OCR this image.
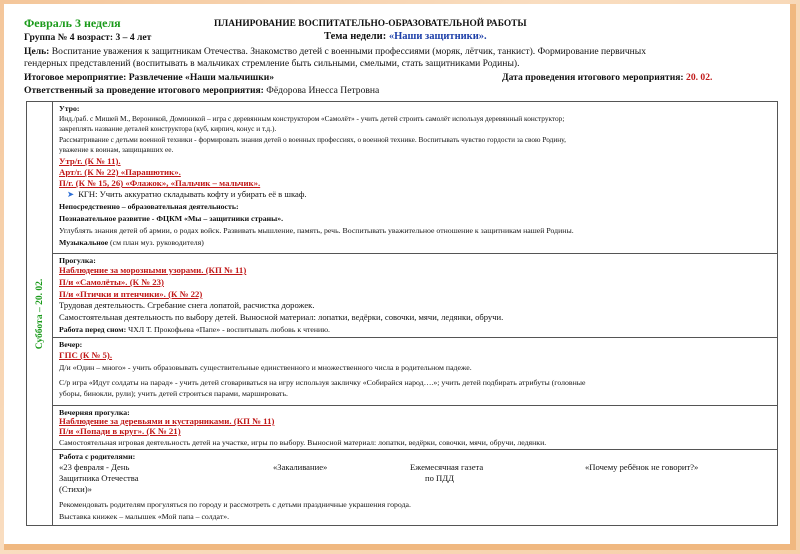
Февраль 3 неделя	ПЛАНИРОВАНИЕ ВОСПИТАТЕЛЬНО-ОБРАЗОВАТЕЛЬНОЙ РАБОТЫ
Группа № 4 возраст: 3 – 4 лет	Тема недели: «Наши защитники».
Цель: Воспитание уважения к защитникам Отечества. Знакомство детей с военными профессиями (моряк, лётчик, танкист). Формирование первичных
гендерных представлений (воспитывать в мальчиках стремление быть сильными, смелыми, стать защитниками Родины).
Итоговое мероприятие: Развлечение «Наши мальчишки»	Дата проведения итогового мероприятия: 20. 02.
Ответственный за проведение итогового мероприятия: Фёдорова Инесса Петровна
Суббота – 20. 02.
Утро:
Инд./раб. с Мишей М., Вероникой, Доминикой – игра с деревянным конструктором «Самолёт» - учить детей строить самолёт используя деревянный конструктор;
закреплять название деталей конструктора (куб, кирпич, конус и т.д.).
Рассматривание с детьми военной техники - формировать знания детей о военных профессиях, о военной технике. Воспитывать чувство гордости за свою Родину,
уважение к воинам, защищавших ее.
Утр/г. (К № 11).
Арт/г. (К № 22) «Парашютик».
П/г. (К № 15, 26) «Флажок», «Пальчик – мальчик».
➤ КГН: Учить аккуратно складывать кофту и убирать её в шкаф.
Непосредственно – образовательная деятельность:
Познавательное развитие - ФЦКМ «Мы – защитники страны».
Углублять знания детей об армии, о родах войск. Развивать мышление, память, речь. Воспитывать уважительное отношение к защитникам нашей Родины.
Музыкальное (см план муз. руководителя)
Прогулка:
Наблюдение за морозными узорами. (КП № 11)
П/и «Самолёты». (К № 23)
П/и «Птички и птенчики». (К № 22)
Трудовая деятельность. Сгребание снега лопатой, расчистка дорожек.
Самостоятельная деятельность по выбору детей. Выносной материал: лопатки, ведёрки, совочки, мячи, ледянки, обручи.
Работа перед сном: ЧХЛ Т. Прокофьева «Папе» - воспитывать любовь к чтению.
Вечер:
ГПС (К № 5).
Д/и «Один – много» - учить образовывать существительные единственного и множественного числа в родительном падеже.
С/р игра «Идут солдаты на парад» - учить детей сговариваться на игру используя закличку «Собирайся народ….»; учить детей подбирать атрибуты (головные
уборы, бинокли, рули); учить детей строиться парами, маршировать.
Вечерняя прогулка:
Наблюдение за деревьями и кустарниками. (КП № 11)
П/и «Попади в круг». (К № 21)
Самостоятельная игровая деятельность детей на участке, игры по выбору. Выносной материал: лопатки, ведёрки, совочки, мячи, обручи, ледянки.
Работа с родителями:
«23 февраля - День
Защитника Отечества
(Стихи)»
«Закаливание»	Ежемесячная газета
по ПДД
«Почему ребёнок не говорит?»
Рекомендовать родителям прогуляться по городу и рассмотреть с детьми праздничные украшения города.
Выставка книжек – малышек «Мой папа – солдат».
